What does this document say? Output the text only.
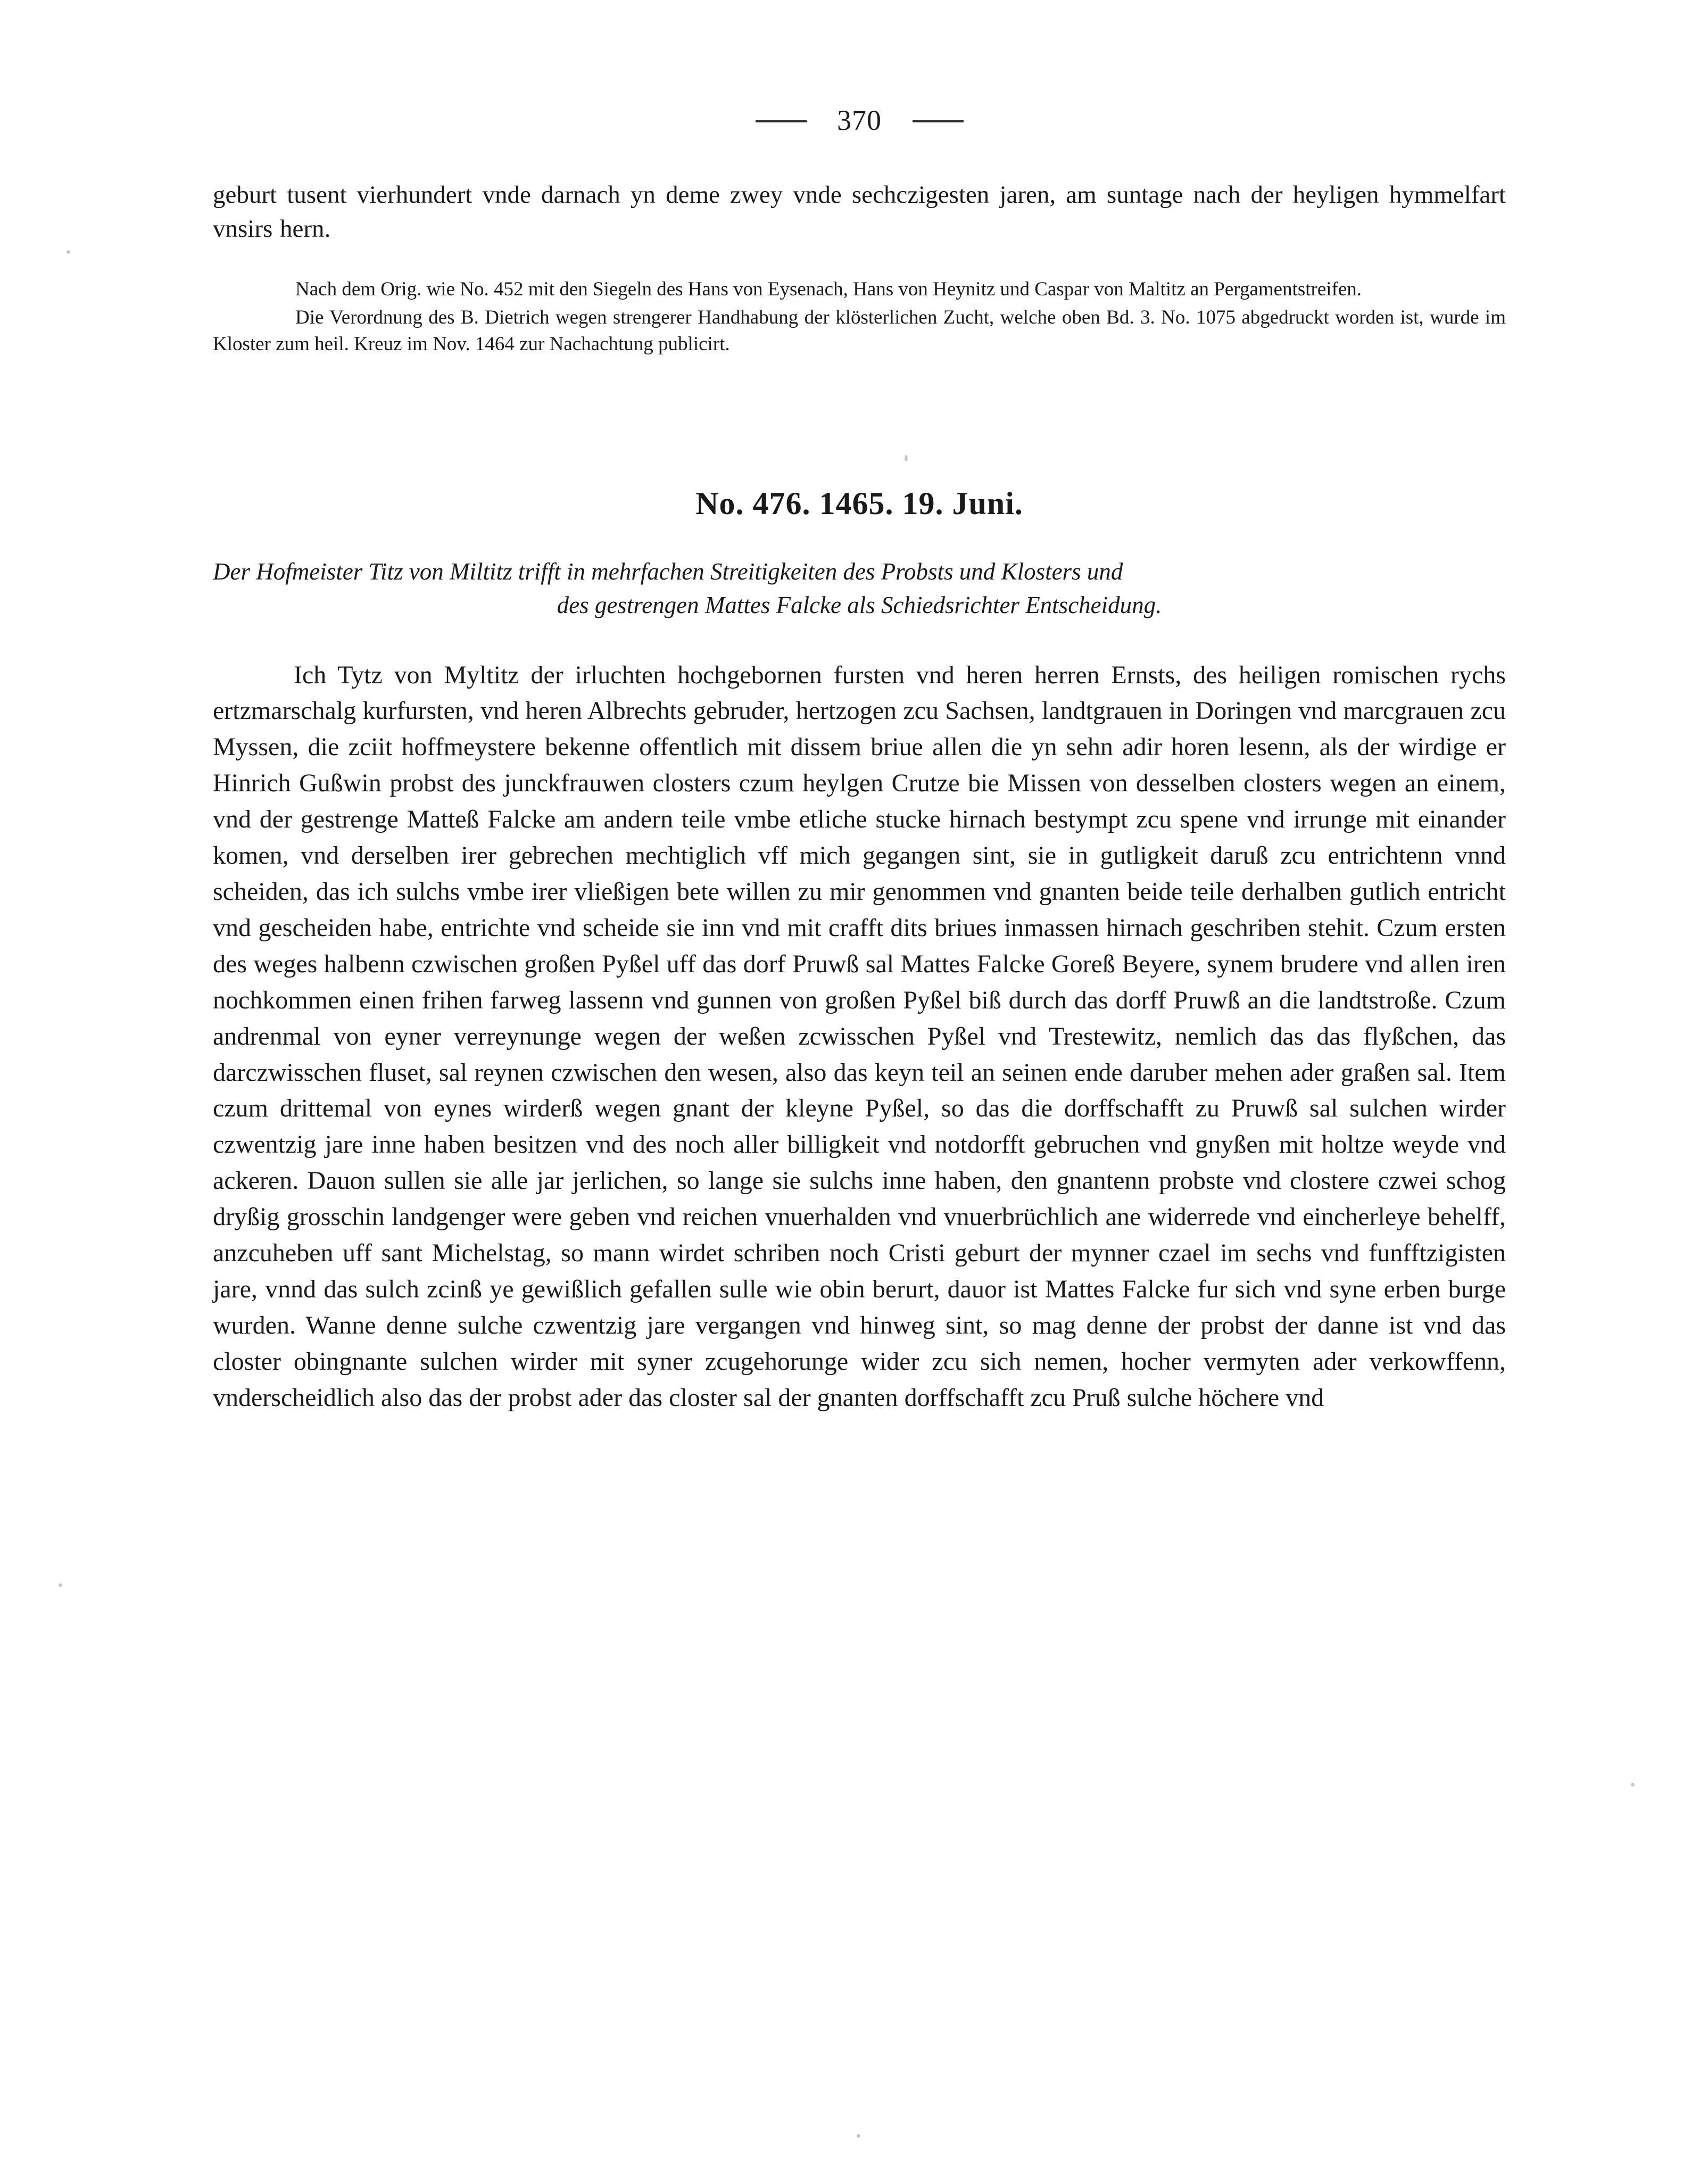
370

geburt tusent vierhundert vnde darnach yn deme zwey vnde sechczigesten jaren, am suntage nach der heyligen hymmelfart vnsirs hern.

Nach dem Orig. wie No. 452 mit den Siegeln des Hans von Eysenach, Hans von Heynitz und Caspar von Maltitz an Pergamentstreifen.

Die Verordnung des B. Dietrich wegen strengerer Handhabung der klösterlichen Zucht, welche oben Bd. 3. No. 1075 abgedruckt worden ist, wurde im Kloster zum heil. Kreuz im Nov. 1464 zur Nachachtung publicirt.

No. 476. 1465. 19. Juni.
Der Hofmeister Titz von Miltitz trifft in mehrfachen Streitigkeiten des Probsts und Klosters und
des gestrengen Mattes Falcke als Schiedsrichter Entscheidung.

Ich Tytz von Myltitz der irluchten hochgebornen fursten vnd heren herren Ernsts, des heiligen romischen rychs ertzmarschalg kurfursten, vnd heren Albrechts gebruder, hertzogen zcu Sachsen, landtgrauen in Doringen vnd marcgrauen zcu Myssen, die zciit hoffmeystere bekenne offentlich mit dissem briue allen die yn sehn adir horen lesenn, als der wirdige er Hinrich Gußwin probst des junckfrauwen closters czum heylgen Crutze bie Missen von desselben closters wegen an einem, vnd der gestrenge Matteß Falcke am andern teile vmbe etliche stucke hirnach bestympt zcu spene vnd irrunge mit einander komen, vnd derselben irer gebrechen mechtiglich vff mich gegangen sint, sie in gutligkeit daruß zcu entrichtenn vnnd scheiden, das ich sulchs vmbe irer vließigen bete willen zu mir genommen vnd gnanten beide teile derhalben gutlich entricht vnd gescheiden habe, entrichte vnd scheide sie inn vnd mit crafft dits briues inmassen hirnach geschriben stehit. Czum ersten des weges halbenn czwischen großen Pyßel uff das dorf Pruwß sal Mattes Falcke Goreß Beyere, synem brudere vnd allen iren nochkommen einen frihen farweg lassenn vnd gunnen von großen Pyßel biß durch das dorff Pruwß an die landtstroße. Czum andrenmal von eyner verreynunge wegen der weßen zcwisschen Pyßel vnd Trestewitz, nemlich das das flyßchen, das darczwisschen fluset, sal reynen czwischen den wesen, also das keyn teil an seinen ende daruber mehen ader graßen sal. Item czum drittemal von eynes wirderß wegen gnant der kleyne Pyßel, so das die dorffschafft zu Pruwß sal sulchen wirder czwentzig jare inne haben besitzen vnd des noch aller billigkeit vnd notdorfft gebruchen vnd gnyßen mit holtze weyde vnd ackeren. Dauon sullen sie alle jar jerlichen, so lange sie sulchs inne haben, den gnantenn probste vnd clostere czwei schog dryßig grosschin landgenger were geben vnd reichen vnuerhalden vnd vnuerbrüchlich ane widerrede vnd eincherleye behelff, anzcuheben uff sant Michelstag, so mann wirdet schriben noch Cristi geburt der mynner czael im sechs vnd funfftzigisten jare, vnnd das sulch zcinß ye gewißlich gefallen sulle wie obin berurt, dauor ist Mattes Falcke fur sich vnd syne erben burge wurden. Wanne denne sulche czwentzig jare vergangen vnd hinweg sint, so mag denne der probst der danne ist vnd das closter obingnante sulchen wirder mit syner zcugehorunge wider zcu sich nemen, hocher vermyten ader verkowffenn, vnderscheidlich also das der probst ader das closter sal der gnanten dorffschafft zcu Pruß sulche höchere vnd
